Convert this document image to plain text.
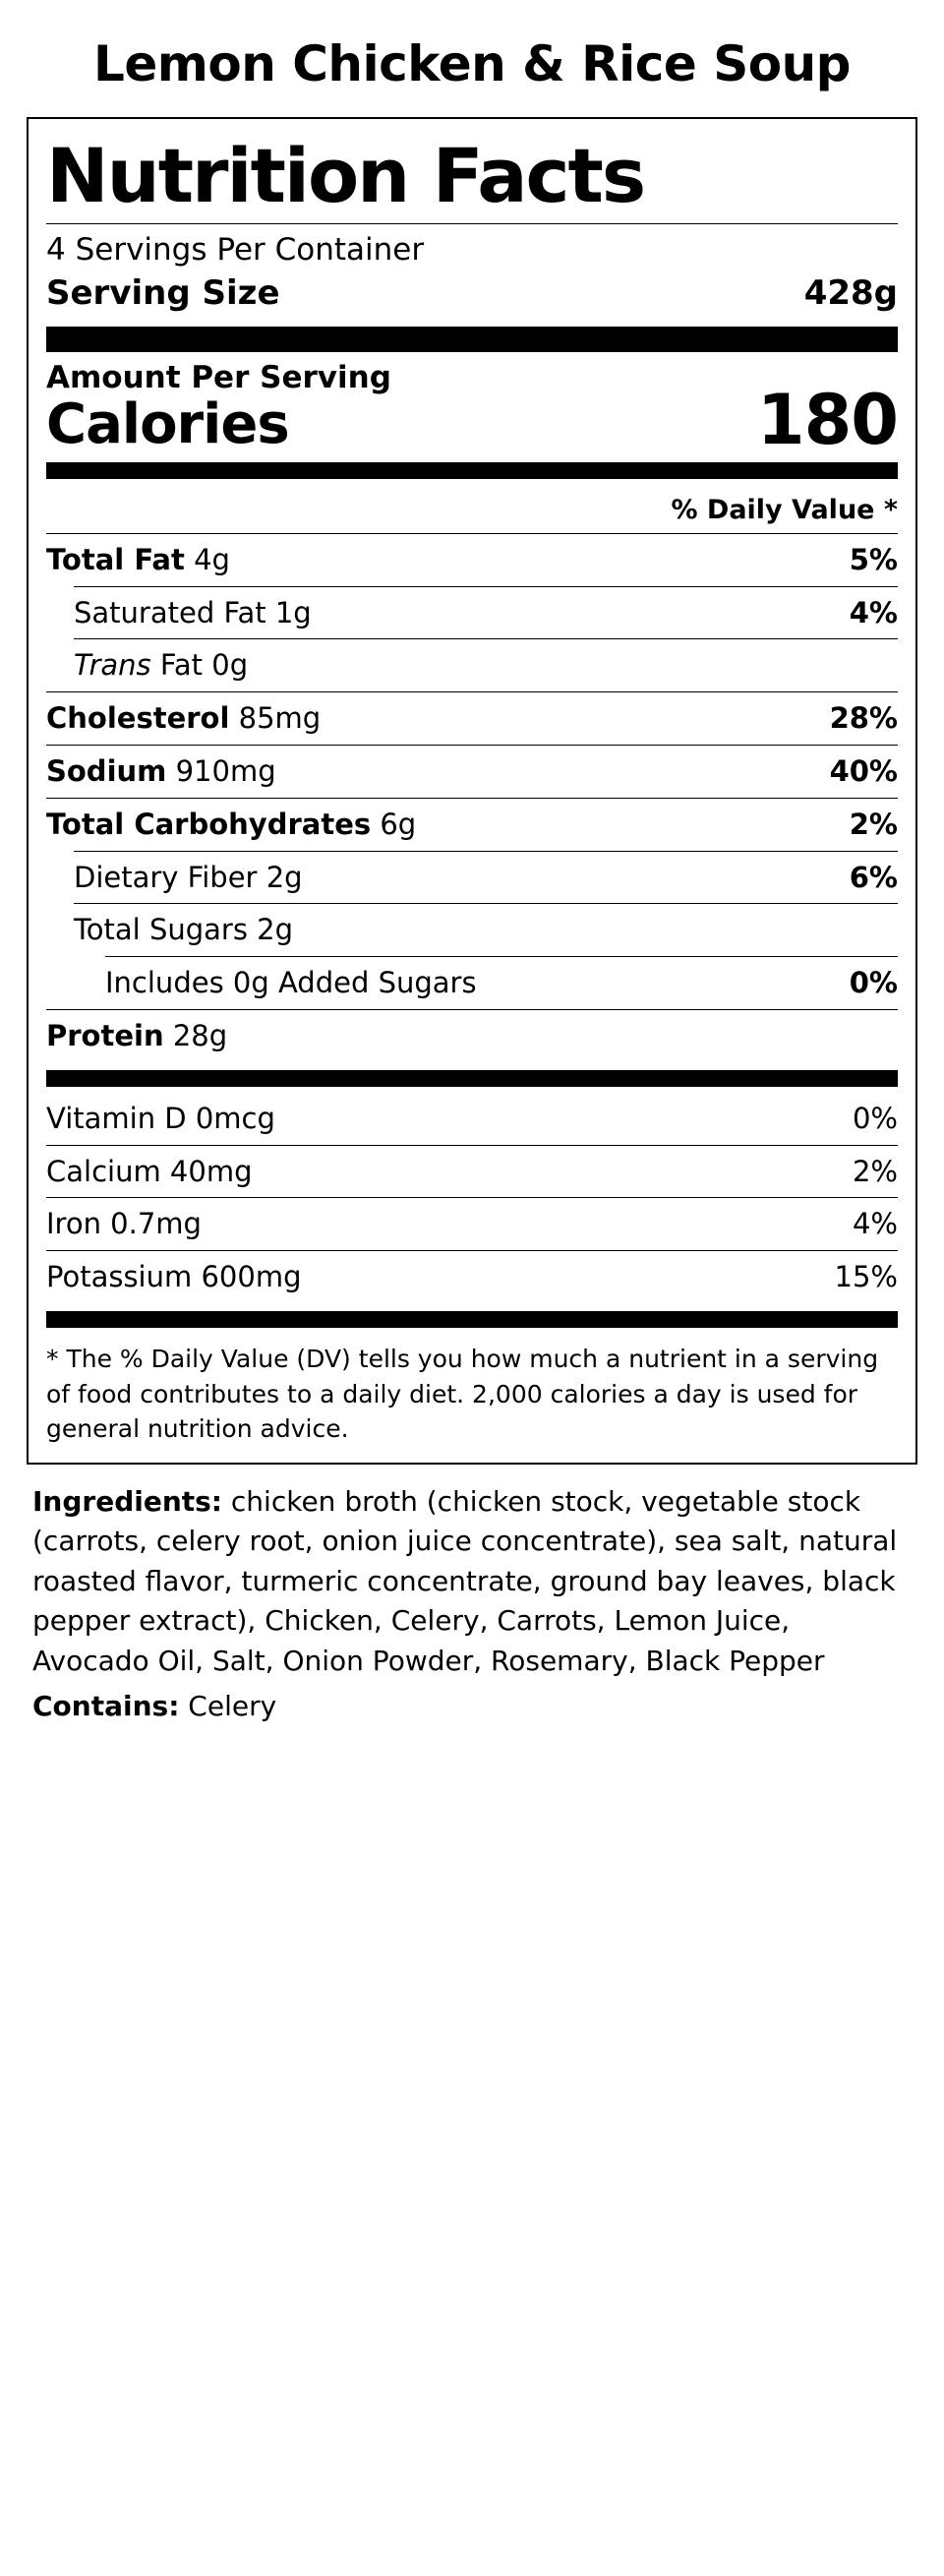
Lemon Chicken & Rice Soup
Nutrition Facts
4 Servings Per Container
Serving Size	428g
Amount Per Serving
Calories	180
% Daily Value *
Total Fat 4g	5%
Saturated Fat 1g	4%
Trans Fat 0g
Cholesterol 85mg	28%
Sodium 910mg	40%
Total Carbohydrates 6g	2%
Dietary Fiber 2g	6%
Total Sugars 2g
Includes 0g Added Sugars	0%
Protein 28g
Vitamin D 0mcg	0%
Calcium 40mg	2%
Iron 0.7mg	4%
Potassium 600mg	15%
* The % Daily Value (DV) tells you how much a nutrient in a serving of food contributes to a daily diet. 2,000 calories a day is used for general nutrition advice.
Ingredients: chicken broth (chicken stock, vegetable stock (carrots, celery root, onion juice concentrate), sea salt, natural roasted flavor, turmeric concentrate, ground bay leaves, black pepper extract), Chicken, Celery, Carrots, Lemon Juice, Avocado Oil, Salt, Onion Powder, Rosemary, Black Pepper
Contains: Celery
